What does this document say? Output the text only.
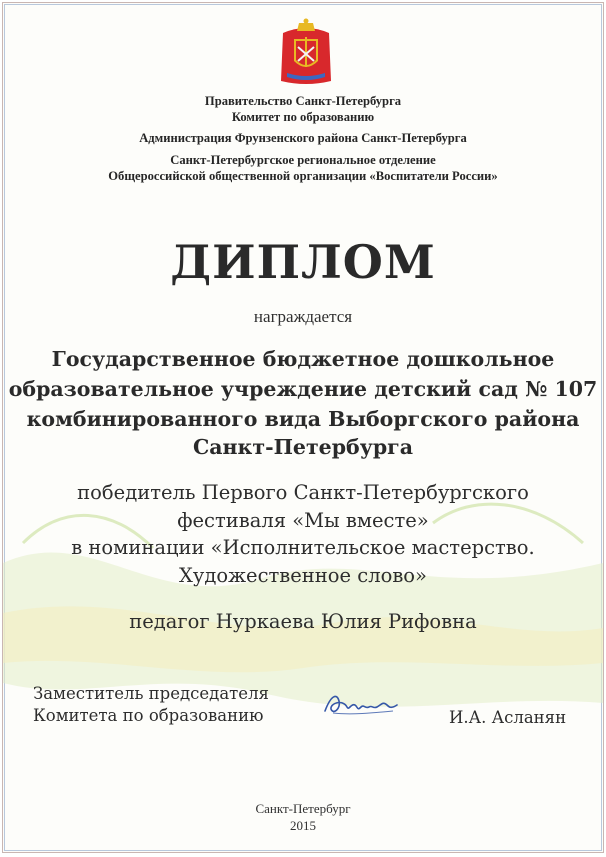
Правительство Санкт-Петербурга
Комитет по образованию
Администрация Фрунзенского района Санкт-Петербурга
Санкт-Петербургское региональное отделение
Общероссийской общественной организации «Воспитатели России»
ДИПЛОМ
награждается
Государственное бюджетное дошкольное
образовательное учреждение детский сад № 107
комбинированного вида Выборгского района
Санкт-Петербурга
победитель Первого Санкт-Петербургского
фестиваля «Мы вместе»
в номинации «Исполнительское мастерство.
Художественное слово»
педагог Нуркаева Юлия Рифовна
Заместитель председателя
Комитета по образованию	И.А. Асланян
Санкт-Петербург
2015
